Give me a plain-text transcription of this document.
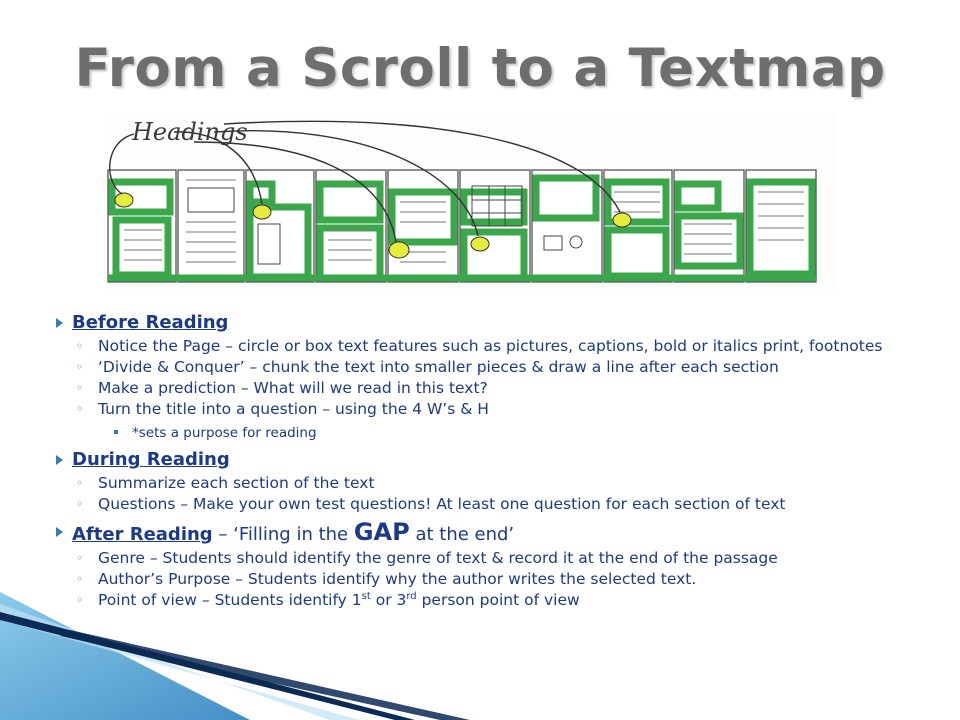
From a Scroll to a Textmap
Headings
Before Reading
◦ Notice the Page – circle or box text features such as pictures, captions, bold or italics print, footnotes
◦ ‘Divide & Conquer’ – chunk the text into smaller pieces & draw a line after each section
◦ Make a prediction – What will we read in this text?
◦ Turn the title into a question – using the 4 W’s & H
*sets a purpose for reading
During Reading
◦ Summarize each section of the text
◦ Questions – Make your own test questions! At least one question for each section of text
After Reading – ‘Filling in the GAP at the end’
◦ Genre – Students should identify the genre of text & record it at the end of the passage
◦ Author’s Purpose – Students identify why the author writes the selected text.
◦ Point of view – Students identify 1st or 3rd person point of view
